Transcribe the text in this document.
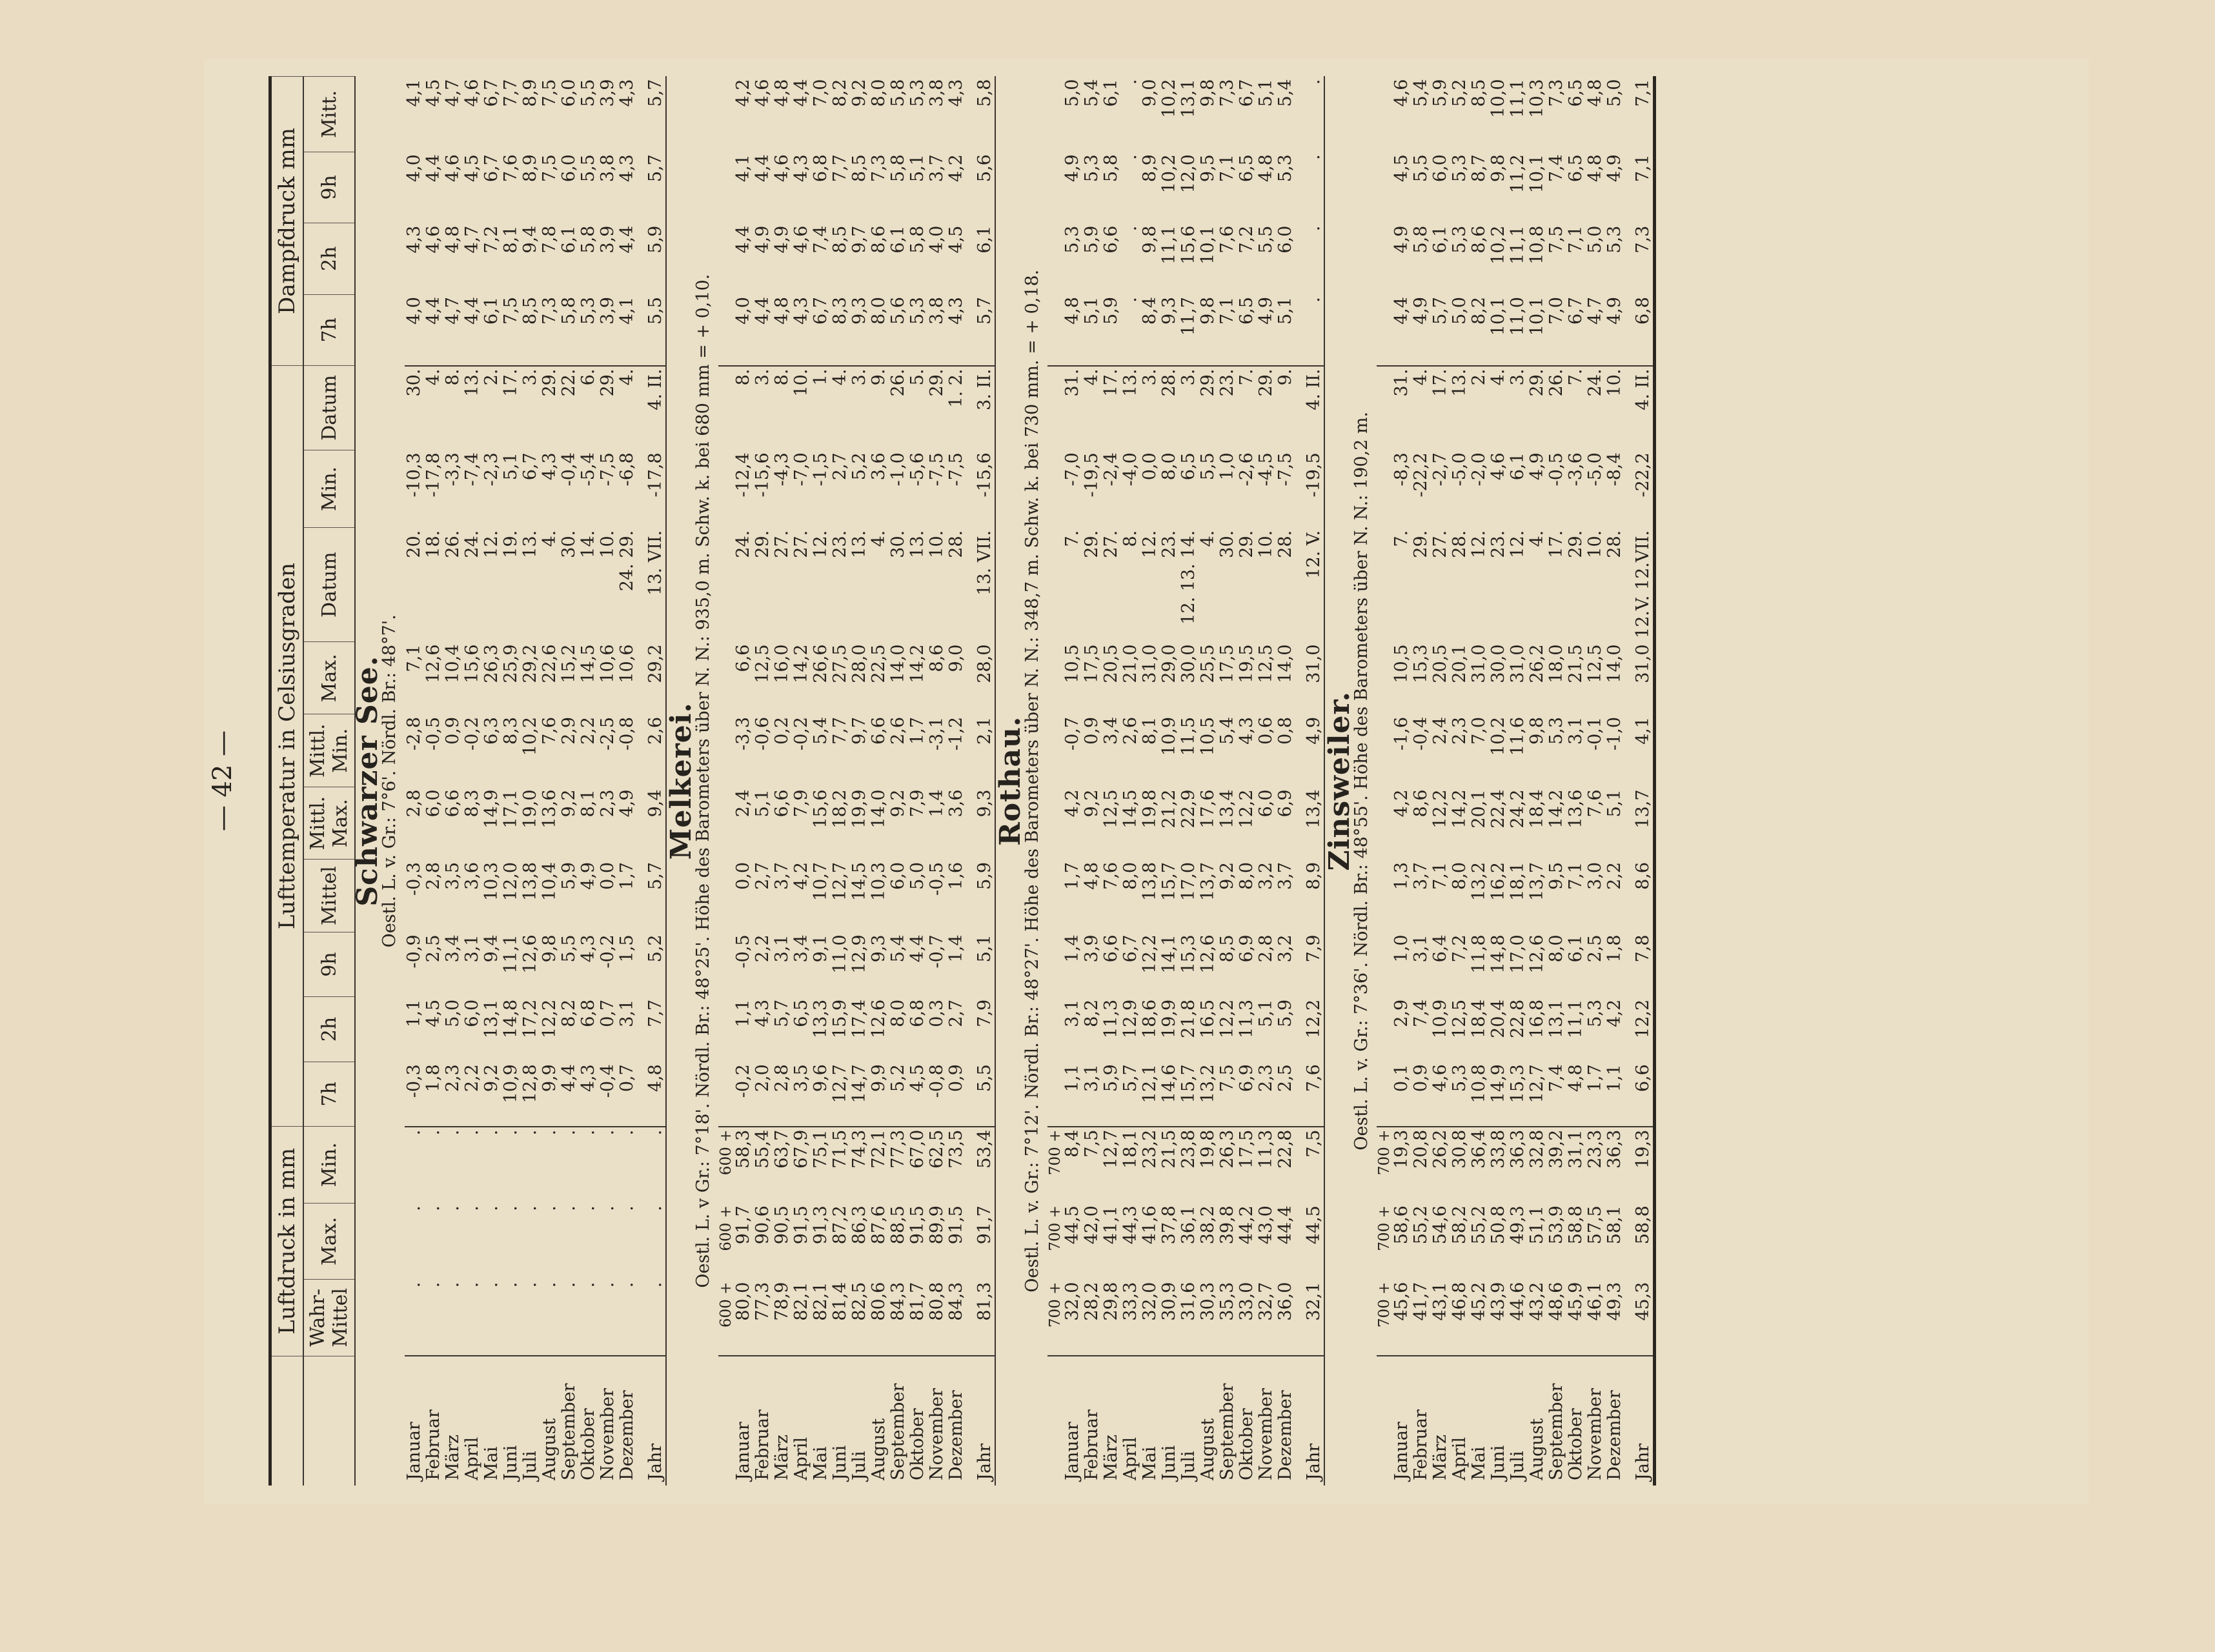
— 42 —
	Luftdruck in mm			Lufttemperatur in Celsiusgraden										Dampfdruck mm			
	Wahr-Mittel	Max.	Min.	7h	2h	9h	Mittel	Mittl. Max.	Mittl. Min.	Max.	Datum	Min.	Datum	7h	2h	9h	Mitt.

Schwarzer See.
Oestl. L. v. Gr.: 7°6'. Nördl. Br.: 48°7'.																	

Januar	.	.	.	-0,3	1,1	-0,9	-0,3	2,8	-2,8	7,1	20.	-10,3	30.	4,0	4,3	4,0	4,1
Februar	.	.	.	1,8	4,5	2,5	2,8	6,0	-0,5	12,6	18.	-17,8	4.	4,4	4,6	4,4	4,5
März	.	.	.	2,3	5,0	3,4	3,5	6,6	0,9	10,4	26.	-3,3	8.	4,7	4,8	4,6	4,7
April	.	.	.	2,2	6,0	3,1	3,6	8,3	-0,2	15,6	24.	-7,4	13.	4,4	4,7	4,5	4,6
Mai	.	.	.	9,2	13,1	9,4	10,3	14,9	6,3	26,3	12.	-2,3	2.	6,1	7,2	6,7	6,7
Juni	.	.	.	10,9	14,8	11,1	12,0	17,1	8,3	25,9	19.	5,1	17.	7,5	8,1	7,6	7,7
Juli	.	.	.	12,8	17,2	12,6	13,8	19,0	10,2	29,2	13.	6,7	3.	8,5	9,4	8,9	8,9
August	.	.	.	9,9	12,2	9,8	10,4	13,6	7,6	22,6	4.	4,3	29.	7,3	7,8	7,5	7,5
September	.	.	.	4,4	8,2	5,5	5,9	9,2	2,9	15,2	30.	-0,4	22.	5,8	6,1	6,0	6,0
Oktober	.	.	.	4,3	6,8	4,3	4,9	8,1	2,2	14,5	14.	-5,4	6.	5,3	5,8	5,5	5,5
November	.	.	.	-0,4	0,7	-0,2	0,0	2,3	-2,5	10,6	10.	-7,5	29.	3,9	3,9	3,8	3,9
Dezember	.	.	.	0,7	3,1	1,5	1,7	4,9	-0,8	10,6	24. 29.	-6,8	4.	4,1	4,4	4,3	4,3
Jahr	.	.	.	4,8	7,7	5,2	5,7	9,4	2,6	29,2	13. VII.	-17,8	4. II.	5,5	5,9	5,7	5,7

Melkerei.
Oestl. L. v Gr.: 7°18'. Nördl. Br.: 48°25'. Höhe des Barometers über N. N.: 935,0 m. Schw. k. bei 680 mm = + 0,10.																	

	600 +	600 +	600 +														
Januar	80,0	91,7	58,3	-0,2	1,1	-0,5	0,0	2,4	-3,3	6,6	24.	-12,4	8.	4,0	4,4	4,1	4,2
Februar	77,3	90,6	55,4	2,0	4,3	2,2	2,7	5,1	-0,6	12,5	29.	-15,6	3.	4,4	4,9	4,4	4,6
März	78,9	90,5	63,7	2,8	5,7	3,1	3,7	6,6	0,2	16,0	27.	-4,3	8.	4,8	4,9	4,6	4,8
April	82,1	91,5	67,9	3,5	6,5	3,4	4,2	7,9	-0,2	14,2	27.	-7,0	10.	4,3	4,6	4,3	4,4
Mai	82,1	91,3	75,1	9,6	13,3	9,1	10,7	15,6	5,4	26,6	12.	-1,5	1.	6,7	7,4	6,8	7,0
Juni	81,4	87,2	71,5	12,7	15,9	11,0	12,7	18,2	7,7	27,5	23.	2,7	4.	8,3	8,5	7,7	8,2
Juli	82,5	86,3	74,3	14,7	17,4	12,9	14,5	19,9	9,7	28,0	13.	5,2	3.	9,3	9,7	8,5	9,2
August	80,6	87,6	72,1	9,9	12,6	9,3	10,3	14,0	6,6	22,5	4.	3,6	9.	8,0	8,6	7,3	8,0
September	84,3	88,5	77,3	5,2	8,0	5,4	6,0	9,2	2,6	14,0	30.	-1,0	26.	5,6	6,1	5,8	5,8
Oktober	81,7	91,5	67,0	4,5	6,8	4,4	5,0	7,9	1,7	14,2	13.	-5,6	5.	5,3	5,8	5,1	5,3
November	80,8	89,9	62,5	-0,8	0,3	-0,7	-0,5	1,4	-3,1	8,6	10.	-7,5	29.	3,8	4,0	3,7	3,8
Dezember	84,3	91,5	73,5	0,9	2,7	1,4	1,6	3,6	-1,2	9,0	28.	-7,5	1. 2.	4,3	4,5	4,2	4,3
Jahr	81,3	91,7	53,4	5,5	7,9	5,1	5,9	9,3	2,1	28,0	13. VII.	-15,6	3. II.	5,7	6,1	5,6	5,8

Rothau.
Oestl. L. v. Gr.: 7°12'. Nördl. Br.: 48°27'. Höhe des Barometers über N. N.: 348,7 m. Schw. k. bei 730 mm. = + 0,18.																	

	700 +	700 +	700 +														
Januar	32,0	44,5	8,4	1,1	3,1	1,4	1,7	4,2	-0,7	10,5	7.	-7,0	31.	4,8	5,3	4,9	5,0
Februar	28,2	42,0	7,5	3,1	8,2	3,9	4,8	9,2	0,9	17,5	29.	-19,5	4.	5,1	5,9	5,3	5,4
März	29,8	41,1	12,7	5,9	11,3	6,6	7,6	12,5	3,4	20,5	27.	-2,4	17.	5,9	6,6	5,8	6,1
April	33,3	44,3	18,1	5,7	12,9	6,7	8,0	14,5	2,6	21,0	8.	-4,0	13.	.	.	.	.
Mai	32,0	41,6	23,2	12,1	18,6	12,2	13,8	19,8	8,1	31,0	12.	0,0	3.	8,4	9,8	8,9	9,0
Juni	30,9	37,8	21,5	14,6	19,9	14,1	15,7	21,2	10,9	29,0	23.	8,0	28.	9,3	11,1	10,2	10,2
Juli	31,6	36,1	23,8	15,7	21,8	15,3	17,0	22,9	11,5	30,0	12. 13. 14.	6,5	3.	11,7	15,6	12,0	13,1
August	30,3	38,2	19,8	13,2	16,5	12,6	13,7	17,6	10,5	25,5	4.	5,5	29.	9,8	10,1	9,5	9,8
September	35,3	39,8	26,3	7,5	12,2	8,5	9,2	13,4	5,4	17,5	30.	1,0	23.	7,1	7,6	7,1	7,3
Oktober	33,0	44,2	17,5	6,9	11,3	6,9	8,0	12,2	4,3	19,5	29.	-2,6	7.	6,5	7,2	6,5	6,7
November	32,7	43,0	11,3	2,3	5,1	2,8	3,2	6,0	0,6	12,5	10.	-4,5	29.	4,9	5,5	4,8	5,1
Dezember	36,0	44,4	22,8	2,5	5,9	3,2	3,7	6,9	0,8	14,0	28.	-7,5	9.	5,1	6,0	5,3	5,4
Jahr	32,1	44,5	7,5	7,6	12,2	7,9	8,9	13,4	4,9	31,0	12. V.	-19,5	4. II.	.	.	.	.

Zinsweiler.
Oestl. L. v. Gr.: 7°36'. Nördl. Br.: 48°55'. Höhe des Barometers über N. N.: 190,2 m.																	

	700 +	700 +	700 +														
Januar	45,6	58,6	19,3	0,1	2,9	1,0	1,3	4,2	-1,6	10,5	7.	-8,3	31.	4,4	4,9	4,5	4,6
Februar	41,7	55,2	20,8	0,9	7,4	3,1	3,7	8,6	-0,4	15,3	29.	-22,2	4.	4,9	5,8	5,5	5,4
März	43,1	54,6	26,2	4,6	10,9	6,4	7,1	12,2	2,4	20,5	27.	-2,7	17.	5,7	6,1	6,0	5,9
April	46,8	58,2	30,8	5,3	12,5	7,2	8,0	14,2	2,3	20,1	28.	-5,0	13.	5,0	5,3	5,3	5,2
Mai	45,2	55,2	36,4	10,8	18,4	11,8	13,2	20,1	7,0	31,0	12.	-2,0	2.	8,2	8,6	8,7	8,5
Juni	43,9	50,8	33,8	14,9	20,4	14,8	16,2	22,4	10,2	30,0	23.	4,6	4.	10,1	10,2	9,8	10,0
Juli	44,6	49,3	36,3	15,3	22,8	17,0	18,1	24,2	11,6	31,0	12.	6,1	3.	11,0	11,1	11,2	11,1
August	43,2	51,1	32,8	12,7	16,8	12,6	13,7	18,4	9,8	26,2	4.	4,9	29.	10,1	10,8	10,1	10,3
September	48,6	53,9	39,2	7,4	13,1	8,0	9,5	14,2	5,3	18,0	17.	-0,5	26.	7,0	7,5	7,4	7,3
Oktober	45,9	58,8	31,1	4,8	11,1	6,1	7,1	13,6	3,1	21,5	29.	-3,6	7.	6,7	7,1	6,5	6,5
November	46,1	57,5	23,3	1,7	5,3	2,5	3,0	7,6	-0,1	12,5	10.	-5,0	24.	4,7	5,0	4,8	4,8
Dezember	49,3	58,1	36,3	1,1	4,2	1,8	2,2	5,1	-1,0	14,0	28.	-8,4	10.	4,9	5,3	4,9	5,0
Jahr	45,3	58,8	19,3	6,6	12,2	7,8	8,6	13,7	4,1	31,0	12.V. 12.VII.	-22,2	4. II.	6,8	7,3	7,1	7,1
